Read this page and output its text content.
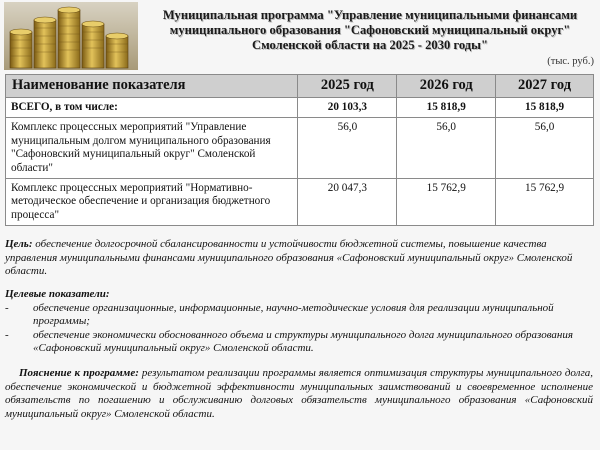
Муниципальная программа "Управление муниципальными финансами муниципального образования "Сафоновский муниципальный округ" Смоленской области на 2025 - 2030 годы"
(тыс. руб.)
Наименование показателя	2025 год	2026 год	2027 год
ВСЕГО, в том числе:	20 103,3	15 818,9	15 818,9
Комплекс процессных мероприятий "Управление муниципальным долгом муниципального образования "Сафоновский муниципальный округ" Смоленской области"	56,0	56,0	56,0
Комплекс процессных мероприятий "Нормативно-методическое обеспечение и организация бюджетного процесса"	20 047,3	15 762,9	15 762,9
Цель: обеспечение долгосрочной сбалансированности и устойчивости бюджетной системы, повышение качества управления муниципальными финансами муниципального образования «Сафоновский муниципальный округ» Смоленской области.
Целевые показатели:
-	обеспечение организационные, информационные, научно-методические условия для реализации муниципальной программы;
-	обеспечение экономически обоснованного объема и структуры муниципального долга муниципального образования «Сафоновский муниципальный округ» Смоленской области.
Пояснение к программе: результатом реализации программы является оптимизация структуры муниципального долга, обеспечение экономической и бюджетной эффективности муниципальных заимствований и своевременное исполнение обязательств по погашению и обслуживанию долговых обязательств муниципального образования «Сафоновский муниципальный округ» Смоленской области.
